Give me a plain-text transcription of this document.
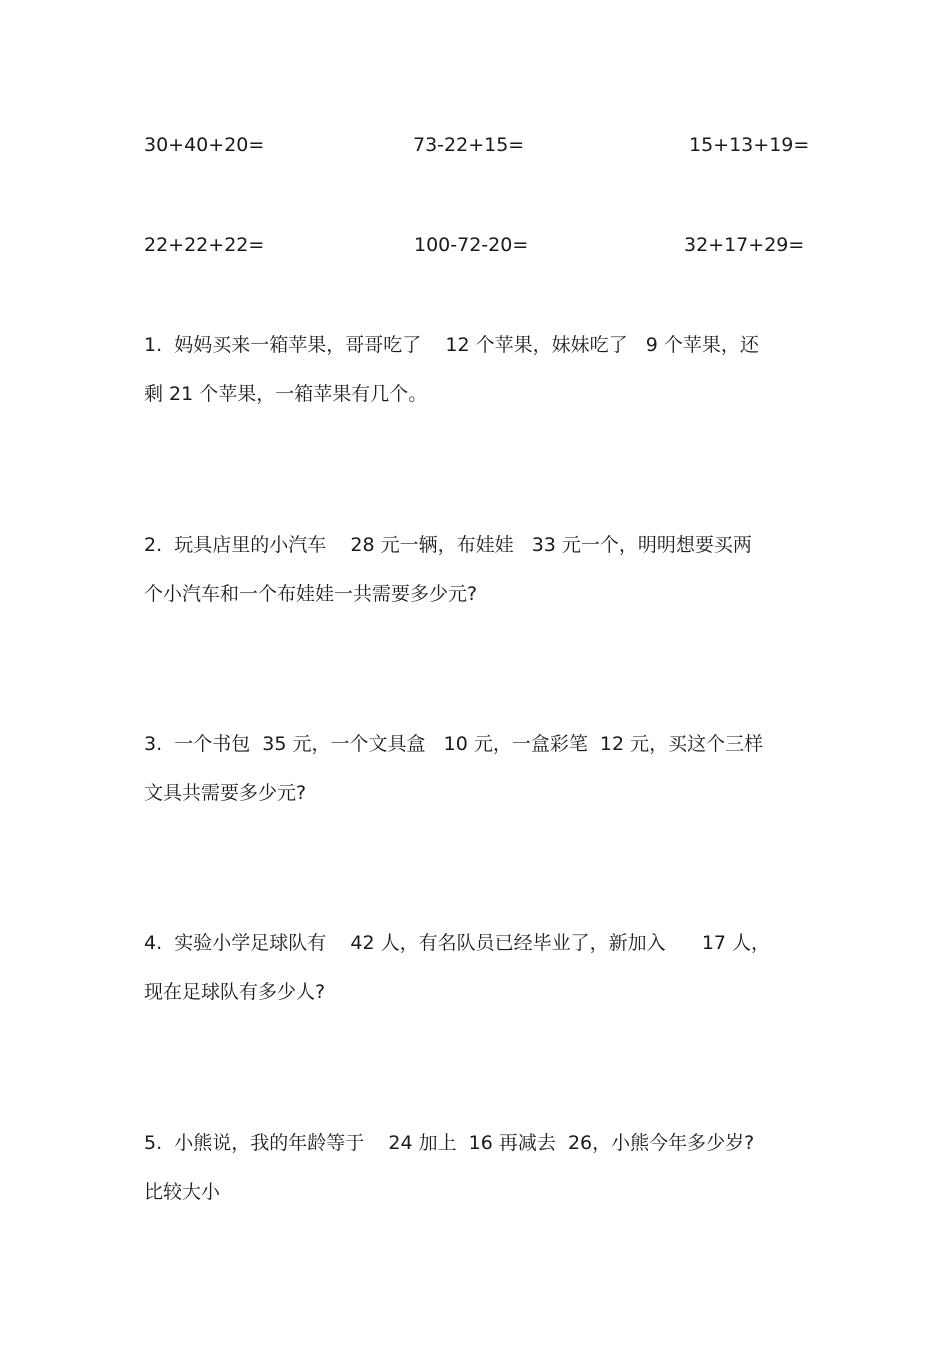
30+40+20=	73-22+15=	15+13+19=
22+22+22=	100-72-20=	32+17+29=
1.  妈妈买来一箱苹果，哥哥吃了    12 个苹果，妹妹吃了   9 个苹果，还
剩 21 个苹果，一箱苹果有几个。
2.  玩具店里的小汽车    28 元一辆，布娃娃   33 元一个，明明想要买两
个小汽车和一个布娃娃一共需要多少元?
3.  一个书包  35 元，一个文具盒   10 元，一盒彩笔  12 元，买这个三样
文具共需要多少元?
4.  实验小学足球队有    42 人，有名队员已经毕业了，新加入      17 人，
现在足球队有多少人?
5.  小熊说，我的年龄等于    24 加上  16 再减去  26，小熊今年多少岁?
比较大小
